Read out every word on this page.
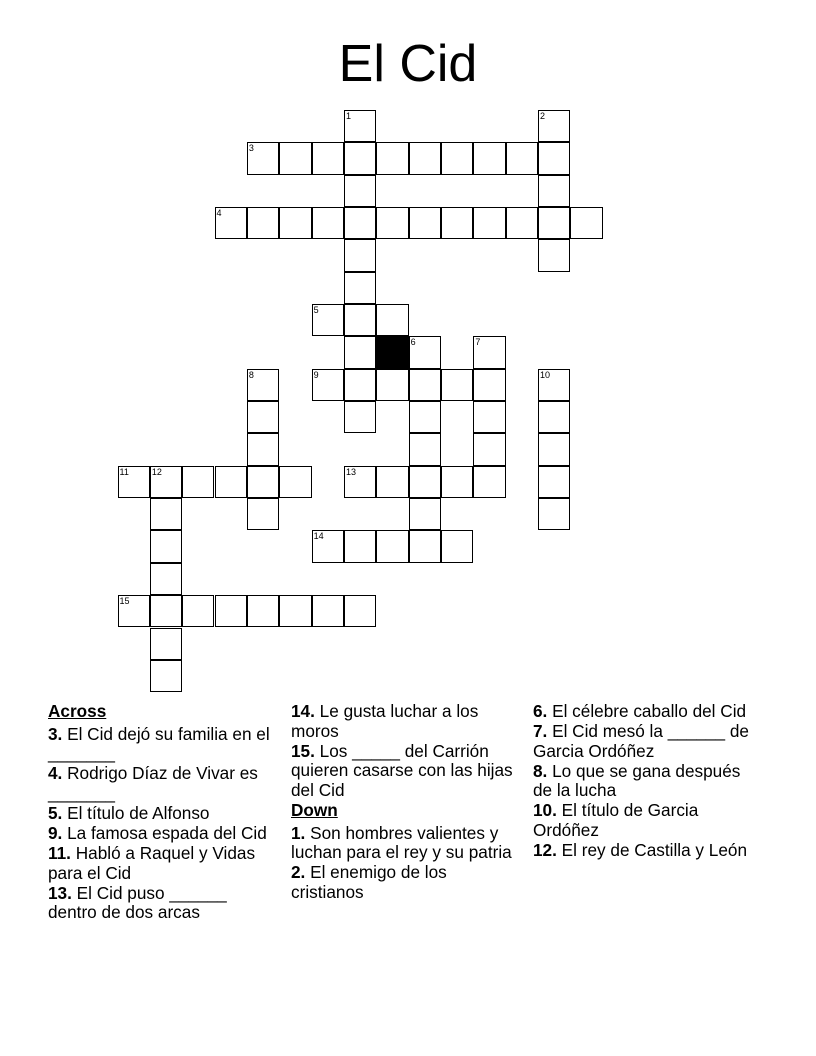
El Cid
1	2
3
4
5
6	7
8	9	10
11	12	13
14
15
Across
3. El Cid dejó su familia en el _______
4. Rodrigo Díaz de Vivar es _______
5. El título de Alfonso
9. La famosa espada del Cid
11. Habló a Raquel y Vidas para el Cid
13. El Cid puso ______ dentro de dos arcas
14. Le gusta luchar a los moros
15. Los _____ del Carrión quieren casarse con las hijas del Cid
Down
1. Son hombres valientes y luchan para el rey y su patria
2. El enemigo de los cristianos
6. El célebre caballo del Cid
7. El Cid mesó la ______ de Garcia Ordóñez
8. Lo que se gana después de la lucha
10. El título de Garcia Ordóñez
12. El rey de Castilla y León
